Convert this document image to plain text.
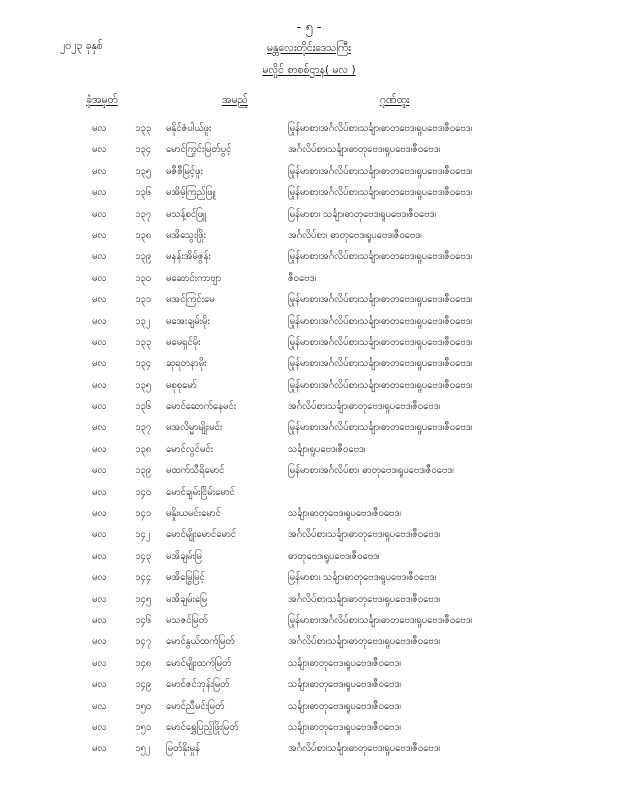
- ၅ -
၂၀၂၃ ခုနှစ်	မန္တလေးတိုင်းဒေသကြီး
မလှိုင် စာစစ်ဌာန( မလ )
ခုံအမှတ်	အမည်	ဂုဏ်ထူး
မလ	၁၃၃ မနိုင်ဇံပါယ်ဖူး	မြန်မာစာ၊အင်္ဂလိပ်စာ၊သင်္ချာ၊ဓာတုဗေဒ၊ရူပဗေဒ၊ဇီဝဗေဒ၊
မလ	၁၃၄ မောင်ကြွင်းမြတ်ပွင့်	အင်္ဂလိပ်စာ၊သင်္ချာ၊ဓာတုဗေဒ၊ရူပဗေဒ၊ဇီဝဗေဒ၊
မလ	၁၃၅ မဇီဇီမြင့်ဖူး	မြန်မာစာ၊အင်္ဂလိပ်စာ၊သင်္ချာ၊ဓာတုဗေဒ၊ရူပဗေဒ၊ဇီဝဗေဒ၊
မလ	၁၃၆ မအိမ့်ကြည်ဖြူ	မြန်မာစာ၊အင်္ဂလိပ်စာ၊သင်္ချာ၊ဓာတုဗေဒ၊ရူပဗေဒ၊ဇီဝဗေဒ၊
မလ	၁၃၇ မသန့်စင်ဖြူ	မြန်မာစာ၊ သင်္ချာ၊ဓာတုဗေဒ၊ရူပဗေဒ၊ဇီဝဗေဒ၊
မလ	၁၃၈ မအိသွေးဖြိုး	အင်္ဂလိပ်စာ၊ ဓာတုဗေဒ၊ရူပဗေဒ၊ဇီဝဗေဒ၊
မလ	၁၃၉ မနန်းအိမ်ဇွန်း	မြန်မာစာ၊အင်္ဂလိပ်စာ၊သင်္ချာ၊ဓာတုဗေဒ၊ရူပဗေဒ၊ဇီဝဗေဒ၊
မလ	၁၃၀ မဆောင်းကာဗျာ	ဇီဝဗေဒ၊
မလ	၁၃၁ မအင်ကြင်းမေ	မြန်မာစာ၊အင်္ဂလိပ်စာ၊သင်္ချာ၊ဓာတုဗေဒ၊ရူပဗေဒ၊ဇီဝဗေဒ၊
မလ	၁၃၂ မအေးချမ်းမိုး	မြန်မာစာ၊အင်္ဂလိပ်စာ၊သင်္ချာ၊ဓာတုဗေဒ၊ရူပဗေဒ၊ဇီဝဗေဒ၊
မလ	၁၃၃ မမေရှင်မိုး	မြန်မာစာ၊အင်္ဂလိပ်စာ၊သင်္ချာ၊ဓာတုဗေဒ၊ရူပဗေဒ၊ဇီဝဗေဒ၊
မလ	၁၃၄ ဆုရတနာမိုး	မြန်မာစာ၊အင်္ဂလိပ်စာ၊သင်္ချာ၊ဓာတုဗေဒ၊ရူပဗေဒ၊ဇီဝဗေဒ၊
မလ	၁၃၅ မစုစုမော်	မြန်မာစာ၊အင်္ဂလိပ်စာ၊သင်္ချာ၊ဓာတုဗေဒ၊ရူပဗေဒ၊ဇီဝဗေဒ၊
မလ	၁၃၆ မောင်ဆောက်နေမင်း	အင်္ဂလိပ်စာ၊သင်္ချာ၊ဓာတုဗေဒ၊ရူပဗေဒ၊ဇီဝဗေဒ၊
မလ	၁၃၇ မအလိမ္မာမျိုးမင်း	မြန်မာစာ၊အင်္ဂလိပ်စာ၊သင်္ချာ၊ဓာတုဗေဒ၊ရူပဗေဒ၊ဇီဝဗေဒ၊
မလ	၁၃၈ မောင်လွင်မင်း	သင်္ချာ၊ရူပဗေဒ၊ဇီဝဗေဒ၊
မလ	၁၃၉ မထက်သီရိမောင်	မြန်မာစာ၊အင်္ဂလိပ်စာ၊ ဓာတုဗေဒ၊ရူပဗေဒ၊ဇီဝဗေဒ၊
မလ	၁၄၀ မောင်ချမ်းငြိမ်းမောင်
မလ	၁၄၁ မနှိုးယမင်းမောင်	သင်္ချာ၊ဓာတုဗေဒ၊ရူပဗေဒ၊ဇီဝဗေဒ၊
မလ	၁၄၂ မောင်မျိုးမောင်မောင်	အင်္ဂလိပ်စာ၊သင်္ချာ၊ဓာတုဗေဒ၊ရူပဗေဒ၊ဇီဝဗေဒ၊
မလ	၁၄၃ မအိချမ်းမြ	ဓာတုဗေဒ၊ရူပဗေဒ၊ဇီဝဗေဒ၊
မလ	၁၄၄ မအိမြွေမြင့်	မြန်မာစာ၊ သင်္ချာ၊ဓာတုဗေဒ၊ရူပဗေဒ၊ဇီဝဗေဒ၊
မလ	၁၄၅ မအိချမ်းမြေ	အင်္ဂလိပ်စာ၊သင်္ချာ၊ဓာတုဗေဒ၊ရူပဗေဒ၊ဇီဝဗေဒ၊
မလ	၁၄၆ မသဇင်မြတ်	မြန်မာစာ၊အင်္ဂလိပ်စာ၊သင်္ချာ၊ဓာတုဗေဒ၊ရူပဗေဒ၊ဇီဝဗေဒ၊
မလ	၁၄၇ မောင်နွယ်ထက်မြတ်	အင်္ဂလိပ်စာ၊သင်္ချာ၊ဓာတုဗေဒ၊ရူပဗေဒ၊ဇီဝဗေဒ၊
မလ	၁၄၈ မောင်မျိုးထက်မြတ်	သင်္ချာ၊ဓာတုဗေဒ၊ရူပဗေဒ၊ဇီဝဗေဒ၊
မလ	၁၄၉ မောင်ဇင်ဘုန်းမြတ်	သင်္ချာ၊ဓာတုဗေဒ၊ရူပဗေဒ၊ဇီဝဗေဒ၊
မလ	၁၅၀ မောင်ညီမင်းမြတ်	သင်္ချာ၊ဓာတုဗေဒ၊ရူပဗေဒ၊ဇီဝဗေဒ၊
မလ	၁၅၁ မောင်ရွှေပြည့်ဖြိုးမြတ်	သင်္ချာ၊ဓာတုဗေဒ၊ရူပဗေဒ၊ဇီဝဗေဒ၊
မလ	၁၅၂ မြတ်နိုးမှုန်	အင်္ဂလိပ်စာ၊သင်္ချာ၊ဓာတုဗေဒ၊ရူပဗေဒ၊ဇီဝဗေဒ၊
